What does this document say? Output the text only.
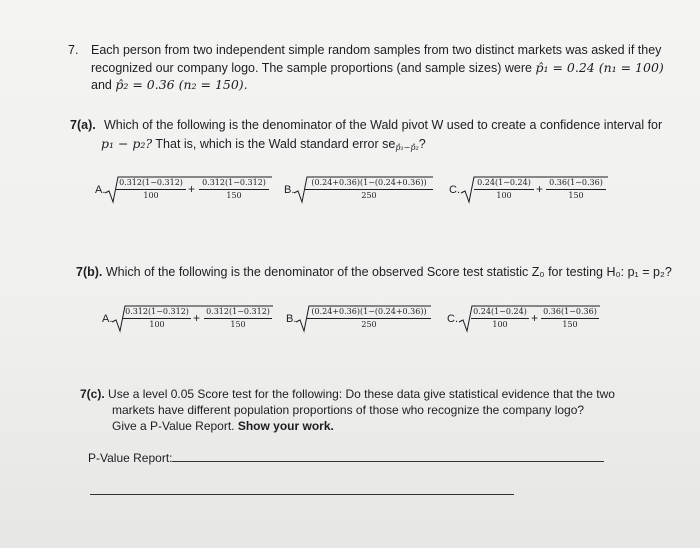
7. Each person from two independent simple random samples from two distinct markets was asked if they
recognized our company logo. The sample proportions (and sample sizes) were p̂₁ = 0.24 (n₁ = 100)
and p̂₂ = 0.36 (n₂ = 150).
7(a). Which of the following is the denominator of the Wald pivot W used to create a confidence interval for
p₁ − p₂? That is, which is the Wald standard error $se_{p̂_1-p̂_2}$?
A. $\frac{0.312(1-0.312)}{100} + \frac{0.312(1-0.312)}{150} B$. $\frac{(0.24+0.36)(1-(0.24+0.36))}{250} C$. $\frac{0.24(1-0.24)}{100} + \frac{0.36(1-0.36)}{150}$
7(b). Which of the following is the denominator of the observed Score test statistic Z₀ for testing H₀: p₁ = p₂?
A. $\frac{0.312(1-0.312)}{100} + \frac{0.312(1-0.312)}{150} B$. $\frac{(0.24+0.36)(1-(0.24+0.36))}{250} C$. $\frac{0.24(1-0.24)}{100} + \frac{0.36(1-0.36)}{150}$
7(c). Use a level 0.05 Score test for the following: Do these data give statistical evidence that the two
markets have different population proportions of those who recognize the company logo?
Give a P-Value Report. Show your work.
P-Value Report:
